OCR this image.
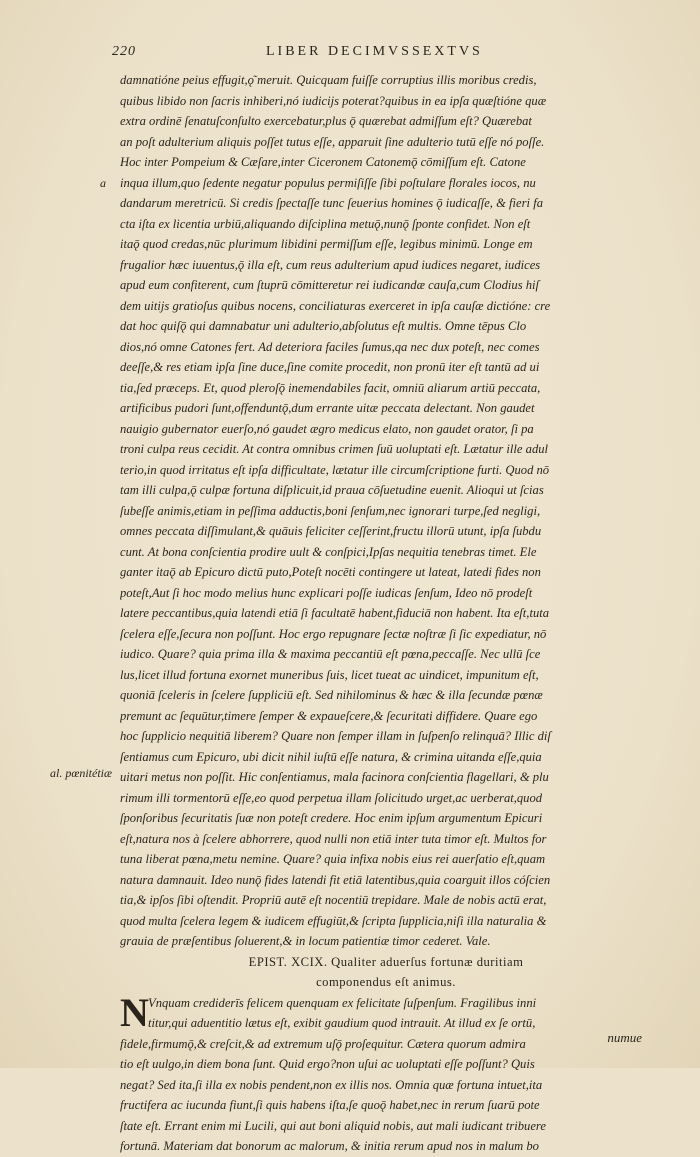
220	LIBER DECIMVSSEXTVS
a
al. pœnitétiæ
damnatióne peius effugit,ǫ͂ meruit. Quicquam fuiſſe corruptius illis moribus credis,
quibus libido non ſacris inhiberi,nó iudicijs poterat?quibus in ea ipſa quæſtióne quæ
extra ordinē ſenatuſconſulto exercebatur,plus ǭ quærebat admiſſum eſt? Quærebat
an poſt adulterium aliquis poſſet tutus eſſe, apparuit ſine adulterio tutū eſſe nó poſſe.
Hoc inter Pompeium & Cæſare,inter Ciceronem Catonemǭ cōmiſſum eſt. Catone
inqua illum,quo ſedente negatur populus permiſiſſe ſibi poſtulare florales iocos, nu
dandarum meretricū. Si credis ſpectaſſe tunc ſeuerius homines ǭ iudicaſſe, & fieri fa
cta iſta ex licentia urbiū,aliquando diſciplina metuǭ,nunǭ ſponte confidet. Non eſt
itaǭ quod credas,nūc plurimum libidini permiſſum eſſe, legibus minimū. Longe em
frugalior hæc iuuentus,ǭ illa eſt, cum reus adulterium apud iudices negaret, iudices
apud eum confiterent, cum ſtuprū cōmitteretur rei iudicandæ cauſa,cum Clodius hiſ
dem uitijs gratioſus quibus nocens, conciliaturas exerceret in ipſa cauſæ dictióne: cre
dat hoc quiſǭ qui damnabatur uni adulterio,abſolutus eſt multis. Omne tēpus Clo
dios,nó omne Catones fert. Ad deteriora faciles ſumus,qa nec dux poteſt, nec comes
deeſſe,& res etiam ipſa ſine duce,ſine comite procedit, non pronū iter eſt tantū ad ui
tia,ſed præceps. Et, quod pleroſǭ inemendabiles facit, omniū aliarum artiū peccata,
artificibus pudori ſunt,offenduntǭ,dum errante uitæ peccata delectant. Non gaudet
nauigio gubernator euerſo,nó gaudet ægro medicus elato, non gaudet orator, ſi pa
troni culpa reus cecidit. At contra omnibus crimen ſuū uoluptati eſt. Lætatur ille adul
terio,in quod irritatus eſt ipſa difficultate, lætatur ille circumſcriptione furti. Quod nō
tam illi culpa,ǭ culpæ fortuna diſplicuit,id praua cōſuetudine euenit. Alioqui ut ſcias
ſubeſſe animis,etiam in peſſima adductis,boni ſenſum,nec ignorari turpe,ſed negligi,
omnes peccata diſſimulant,& quāuis feliciter ceſſerint,fructu illorū utunt, ipſa ſubdu
cunt. At bona conſcientia prodire uult & conſpici,Ipſas nequitia tenebras timet. Ele
ganter itaǭ ab Epicuro dictū puto,Poteſt nocēti contingere ut lateat, latedi fides non
poteſt,Aut ſi hoc modo melius hunc explicari poſſe iudicas ſenſum, Ideo nō prodeſt
latere peccantibus,quia latendi etiā ſi facultatē habent,fiduciā non habent. Ita eſt,tuta
ſcelera eſſe,ſecura non poſſunt. Hoc ergo repugnare ſectæ noſtræ ſi ſic expediatur, nō
iudico. Quare? quia prima illa & maxima peccantiū eſt pœna,peccaſſe. Nec ullū ſce
lus,licet illud fortuna exornet muneribus ſuis, licet tueat ac uindicet, impunitum eſt,
quoniā ſceleris in ſcelere ſuppliciū eſt. Sed nihilominus & hæc & illa ſecundæ pœnæ
premunt ac ſequūtur,timere ſemper & expaueſcere,& ſecuritati diffidere. Quare ego
hoc ſupplicio nequitiā liberem? Quare non ſemper illam in ſuſpenſo relinquā? Illic diſ
ſentiamus cum Epicuro, ubi dicit nihil iuſtū eſſe natura, & crimina uitanda eſſe,quia
uitari metus non poſſit. Hic conſentiamus, mala facinora conſcientia flagellari, & plu
rimum illi tormentorū eſſe,eo quod perpetua illam ſolicitudo urget,ac uerberat,quod
ſponſoribus ſecuritatis ſuæ non poteſt credere. Hoc enim ipſum argumentum Epicuri
eſt,natura nos à ſcelere abhorrere, quod nulli non etiā inter tuta timor eſt. Multos for
tuna liberat pœna,metu nemine. Quare? quia infixa nobis eius rei auerſatio eſt,quam
natura damnauit. Ideo nunǭ fides latendi fit etiā latentibus,quia coarguit illos cóſcien
tia,& ipſos ſibi oſtendit. Propriū autē eſt nocentiū trepidare. Male de nobis actū erat,
quod multa ſcelera legem & iudicem effugiūt,& ſcripta ſupplicia,niſi illa naturalia &
grauia de præſentibus ſoluerent,& in locum patientiæ timor cederet. Vale.
EPIST. XCIX. Qualiter aduerſus fortunæ duritiam
componendus eſt animus.
N Vnquam crediderīs felicem quenquam ex felicitate ſuſpenſum. Fragilibus inni
titur,qui aduentitio lætus eſt, exibit gaudium quod intrauit. At illud ex ſe ortū,
fidele,firmumǭ,& creſcit,& ad extremum uſǭ proſequitur. Cætera quorum admira
tio eſt uulgo,in diem bona ſunt. Quid ergo?non uſui ac uoluptati eſſe poſſunt? Quis
negat? Sed ita,ſi illa ex nobis pendent,non ex illis nos. Omnia quæ fortuna intuet,ita
fructifera ac iucunda fiunt,ſi quis habens iſta,ſe quoǭ habet,nec in rerum ſuarū pote
ſtate eſt. Errant enim mi Lucili, qui aut boni aliquid nobis, aut mali iudicant tribuere
fortunā. Materiam dat bonorum ac malorum, & initia rerum apud nos in malum bo
numue
